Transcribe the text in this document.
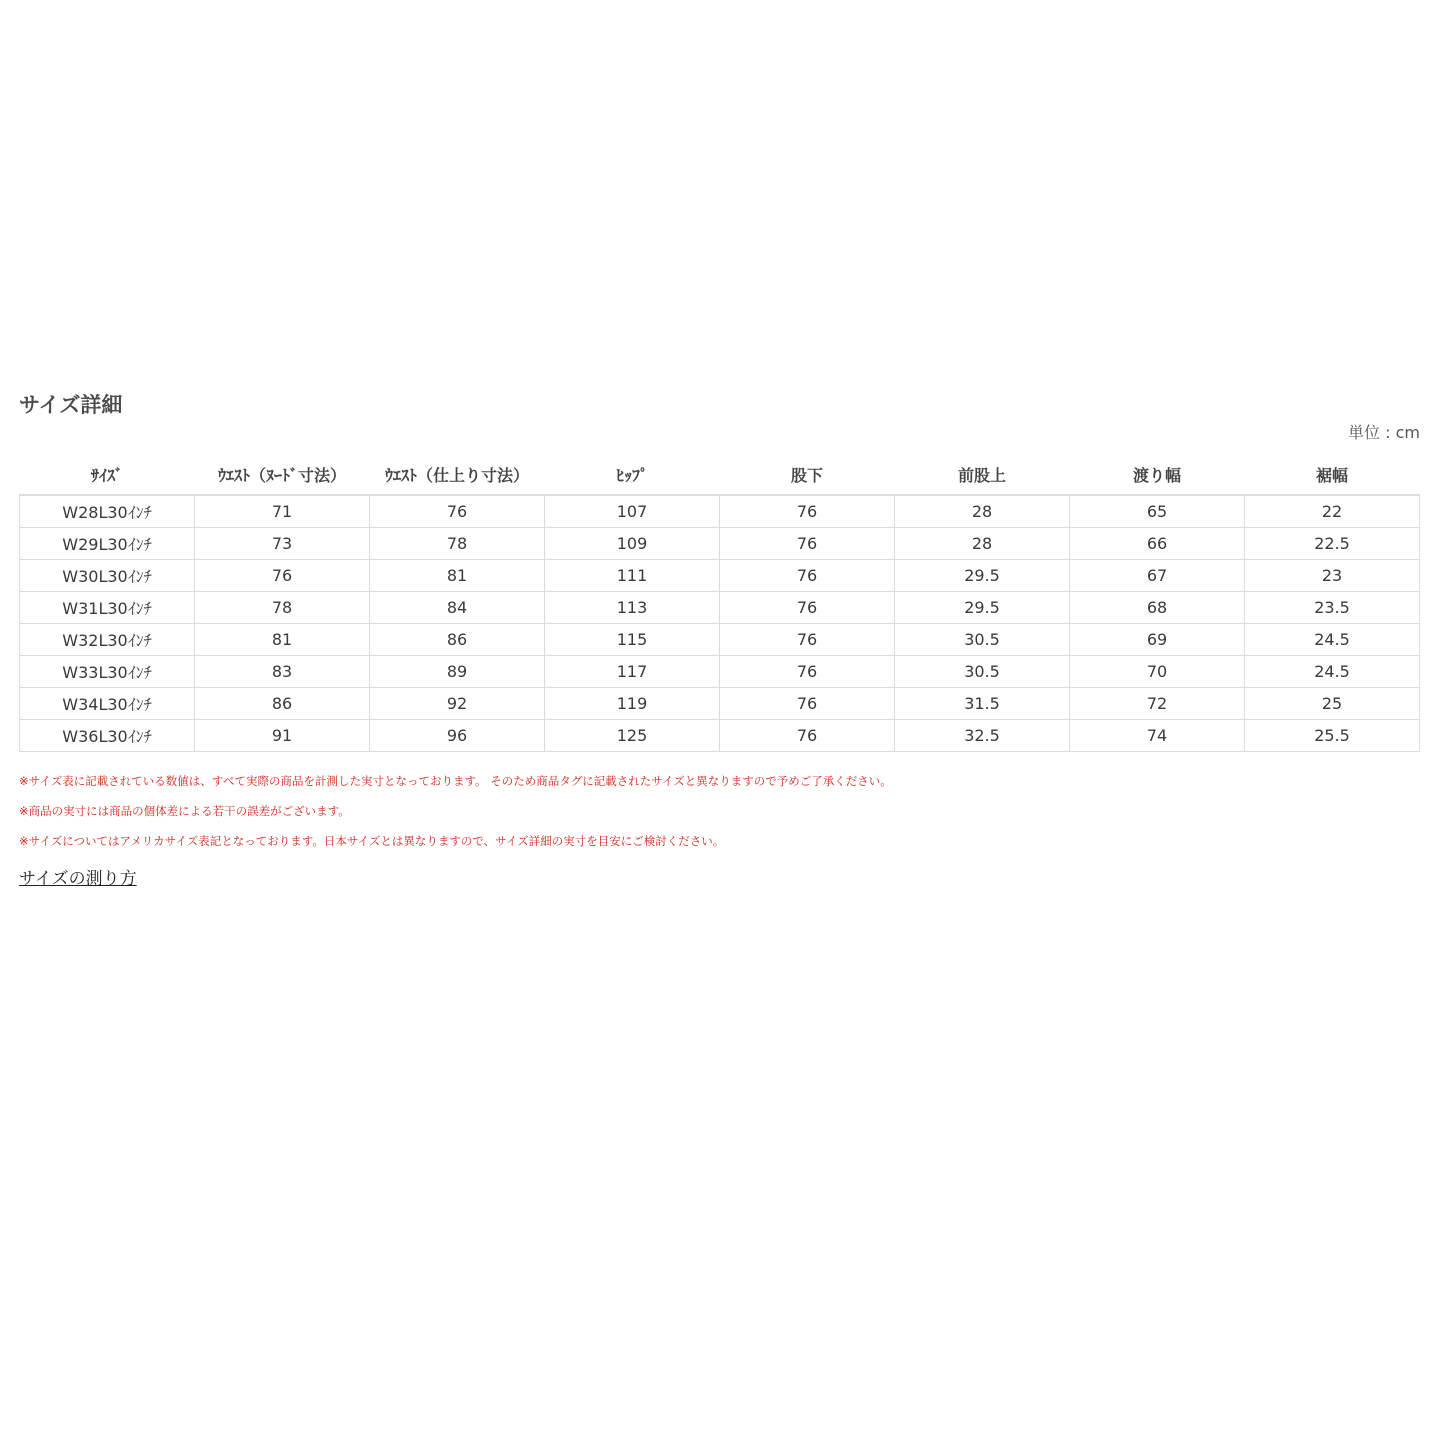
サイズ詳細
単位 : cm
ｻｲｽﾞ	ｳｴｽﾄ（ﾇｰﾄﾞ寸法）	ｳｴｽﾄ（仕上り寸法）	ﾋｯﾌﾟ	股下	前股上	渡り幅	裾幅
W28L30ｲﾝﾁ	71	76	107	76	28	65	22
W29L30ｲﾝﾁ	73	78	109	76	28	66	22.5
W30L30ｲﾝﾁ	76	81	111	76	29.5	67	23
W31L30ｲﾝﾁ	78	84	113	76	29.5	68	23.5
W32L30ｲﾝﾁ	81	86	115	76	30.5	69	24.5
W33L30ｲﾝﾁ	83	89	117	76	30.5	70	24.5
W34L30ｲﾝﾁ	86	92	119	76	31.5	72	25
W36L30ｲﾝﾁ	91	96	125	76	32.5	74	25.5
※サイズ表に記載されている数値は、すべて実際の商品を計測した実寸となっております。 そのため商品タグに記載されたサイズと異なりますので予めご了承ください。
※商品の実寸には商品の個体差による若干の誤差がございます。
※サイズについてはアメリカサイズ表記となっております。日本サイズとは異なりますので、サイズ詳細の実寸を目安にご検討ください。
サイズの測り方
